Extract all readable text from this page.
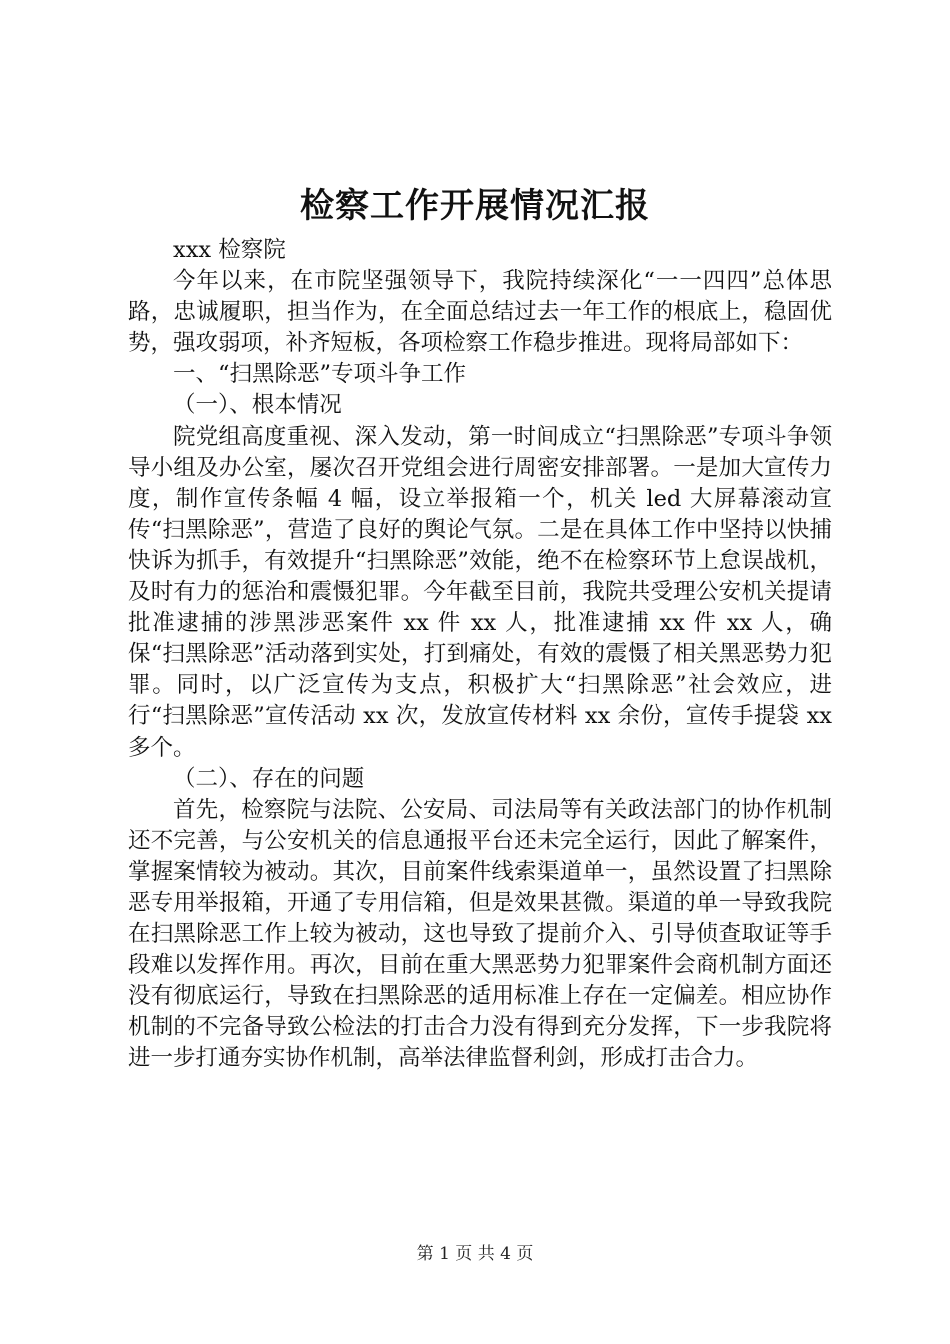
检察工作开展情况汇报

xxx 检察院

今年以来，在市院坚强领导下，我院持续深化“一一四四”总体思路，忠诚履职，担当作为，在全面总结过去一年工作的根底上，稳固优势，强攻弱项，补齐短板，各项检察工作稳步推进。现将局部如下：

一、“扫黑除恶”专项斗争工作

（一）、根本情况

院党组高度重视、深入发动，第一时间成立“扫黑除恶”专项斗争领导小组及办公室，屡次召开党组会进行周密安排部署。一是加大宣传力度，制作宣传条幅 4 幅，设立举报箱一个，机关 led 大屏幕滚动宣传“扫黑除恶”，营造了良好的舆论气氛。二是在具体工作中坚持以快捕快诉为抓手，有效提升“扫黑除恶”效能，绝不在检察环节上怠误战机，及时有力的惩治和震慑犯罪。今年截至目前，我院共受理公安机关提请批准逮捕的涉黑涉恶案件 xx 件 xx 人，批准逮捕 xx 件 xx 人，确保“扫黑除恶”活动落到实处，打到痛处，有效的震慑了相关黑恶势力犯罪。同时，以广泛宣传为支点，积极扩大“扫黑除恶”社会效应，进行“扫黑除恶”宣传活动 xx 次，发放宣传材料 xx 余份，宣传手提袋 xx 多个。

（二）、存在的问题

首先，检察院与法院、公安局、司法局等有关政法部门的协作机制还不完善，与公安机关的信息通报平台还未完全运行，因此了解案件，掌握案情较为被动。其次，目前案件线索渠道单一，虽然设置了扫黑除恶专用举报箱，开通了专用信箱，但是效果甚微。渠道的单一导致我院在扫黑除恶工作上较为被动，这也导致了提前介入、引导侦查取证等手段难以发挥作用。再次，目前在重大黑恶势力犯罪案件会商机制方面还没有彻底运行，导致在扫黑除恶的适用标准上存在一定偏差。相应协作机制的不完备导致公检法的打击合力没有得到充分发挥，下一步我院将进一步打通夯实协作机制，高举法律监督利剑，形成打击合力。

第 1 页 共 4 页
